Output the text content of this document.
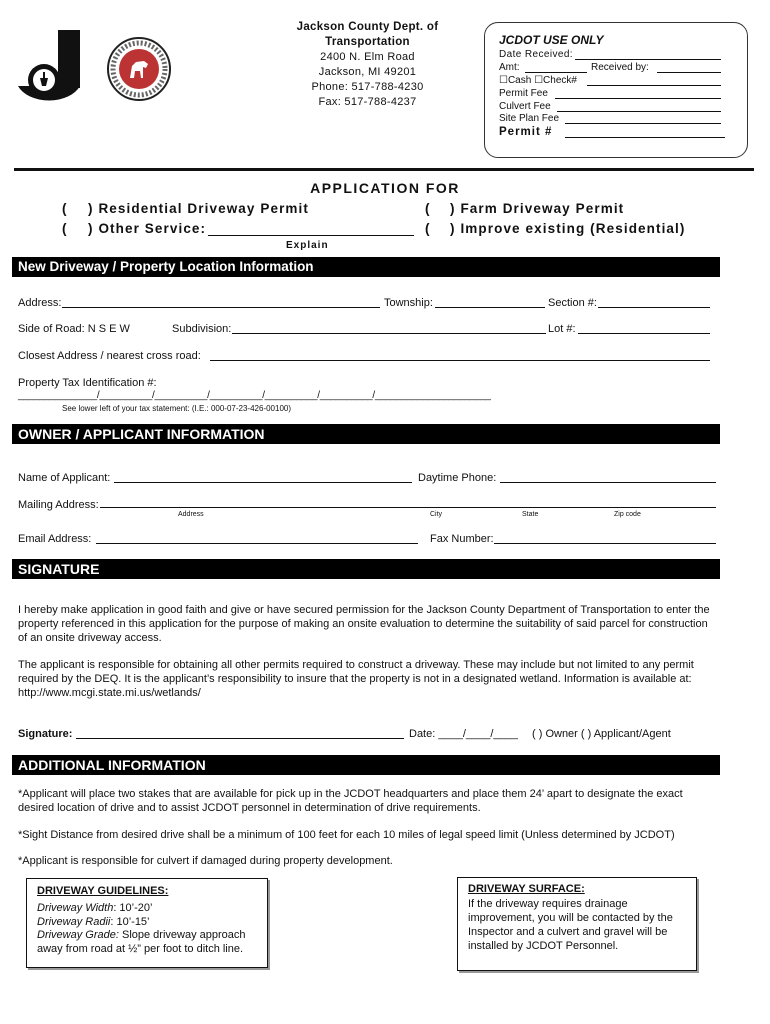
Jackson County Dept. of
Transportation
2400 N. Elm Road
Jackson, MI 49201
Phone: 517-788-4230
Fax: 517-788-4237
JCDOT USE ONLY
Date Received:
Amt:	Received by:
☐Cash ☐Check#
Permit Fee
Culvert Fee
Site Plan Fee
Permit #
APPLICATION FOR
( ) Residential Driveway Permit	( ) Farm Driveway Permit
( ) Other Service:	( ) Improve existing (Residential)
Explain
New Driveway / Property Location Information
Address:	Township:	Section #:
Side of Road: N S E W	Subdivision:	Lot #:
Closest Address / nearest cross road:
Property Tax Identification #:
_______________/__________/__________/__________/__________/__________/______________________
See lower left of your tax statement: (I.E.: 000-07-23-426-00100)
OWNER / APPLICANT INFORMATION
Name of Applicant:	Daytime Phone:
Mailing Address:
Address	City	State	Zip code
Email Address:	Fax Number:
SIGNATURE
I hereby make application in good faith and give or have secured permission for the Jackson County Department of Transportation to enter the property referenced in this application for the purpose of making an onsite evaluation to determine the suitability of said parcel for construction of an onsite driveway access.
The applicant is responsible for obtaining all other permits required to construct a driveway. These may include but not limited to any permit required by the DEQ. It is the applicant’s responsibility to insure that the property is not in a designated wetland. Information is available at: http://www.mcgi.state.mi.us/wetlands/
Signature:	Date: ____/____/____ ( ) Owner ( ) Applicant/Agent
ADDITIONAL INFORMATION
*Applicant will place two stakes that are available for pick up in the JCDOT headquarters and place them 24’ apart to designate the exact desired location of drive and to assist JCDOT personnel in determination of drive requirements.
*Sight Distance from desired drive shall be a minimum of 100 feet for each 10 miles of legal speed limit (Unless determined by JCDOT)
*Applicant is responsible for culvert if damaged during property development.
DRIVEWAY GUIDELINES:
Driveway Width: 10’-20’
Driveway Radii: 10’-15’
Driveway Grade: Slope driveway approach away from road at ½” per foot to ditch line.
DRIVEWAY SURFACE:
If the driveway requires drainage improvement, you will be contacted by the Inspector and a culvert and gravel will be installed by JCDOT Personnel.
